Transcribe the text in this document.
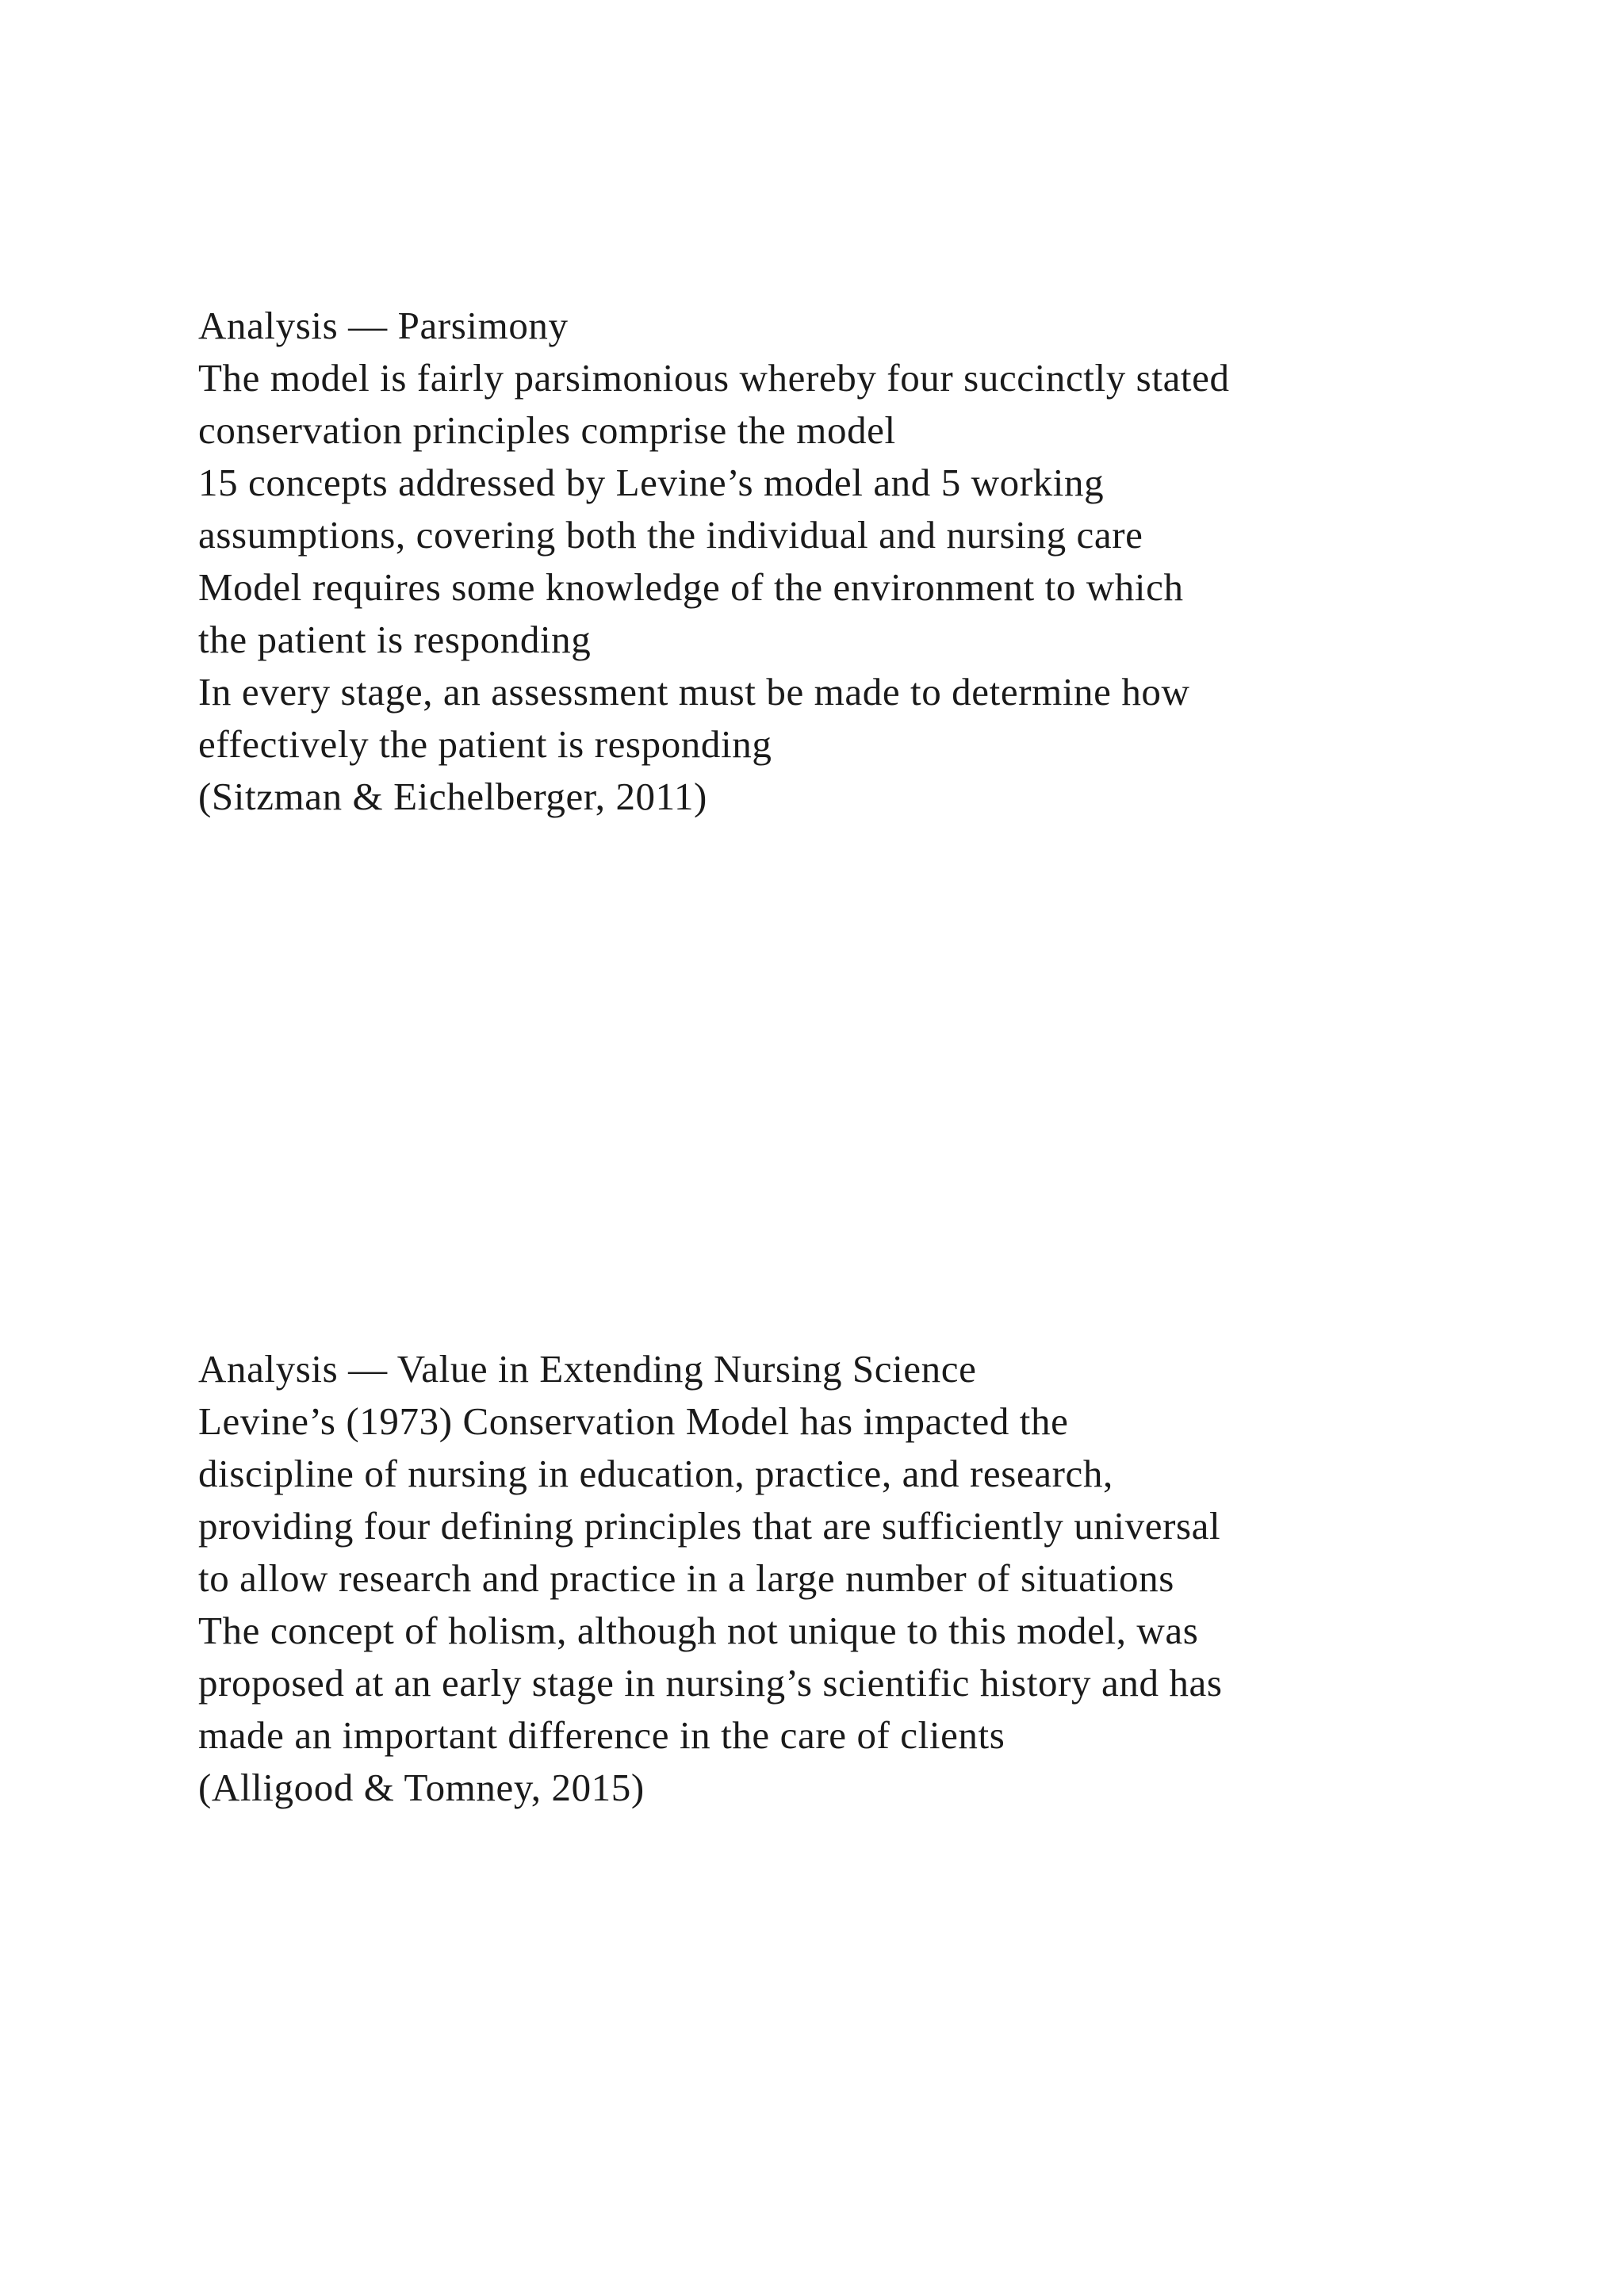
Analysis — Parsimony
The model is fairly parsimonious whereby four succinctly stated
conservation principles comprise the model
15 concepts addressed by Levine’s model and 5 working
assumptions, covering both the individual and nursing care
Model requires some knowledge of the environment to which
the patient is responding
In every stage, an assessment must be made to determine how
effectively the patient is responding
(Sitzman & Eichelberger, 2011)
Analysis — Value in Extending Nursing Science
Levine’s (1973) Conservation Model has impacted the
discipline of nursing in education, practice, and research,
providing four defining principles that are sufficiently universal
to allow research and practice in a large number of situations
The concept of holism, although not unique to this model, was
proposed at an early stage in nursing’s scientific history and has
made an important difference in the care of clients
(Alligood & Tomney, 2015)
